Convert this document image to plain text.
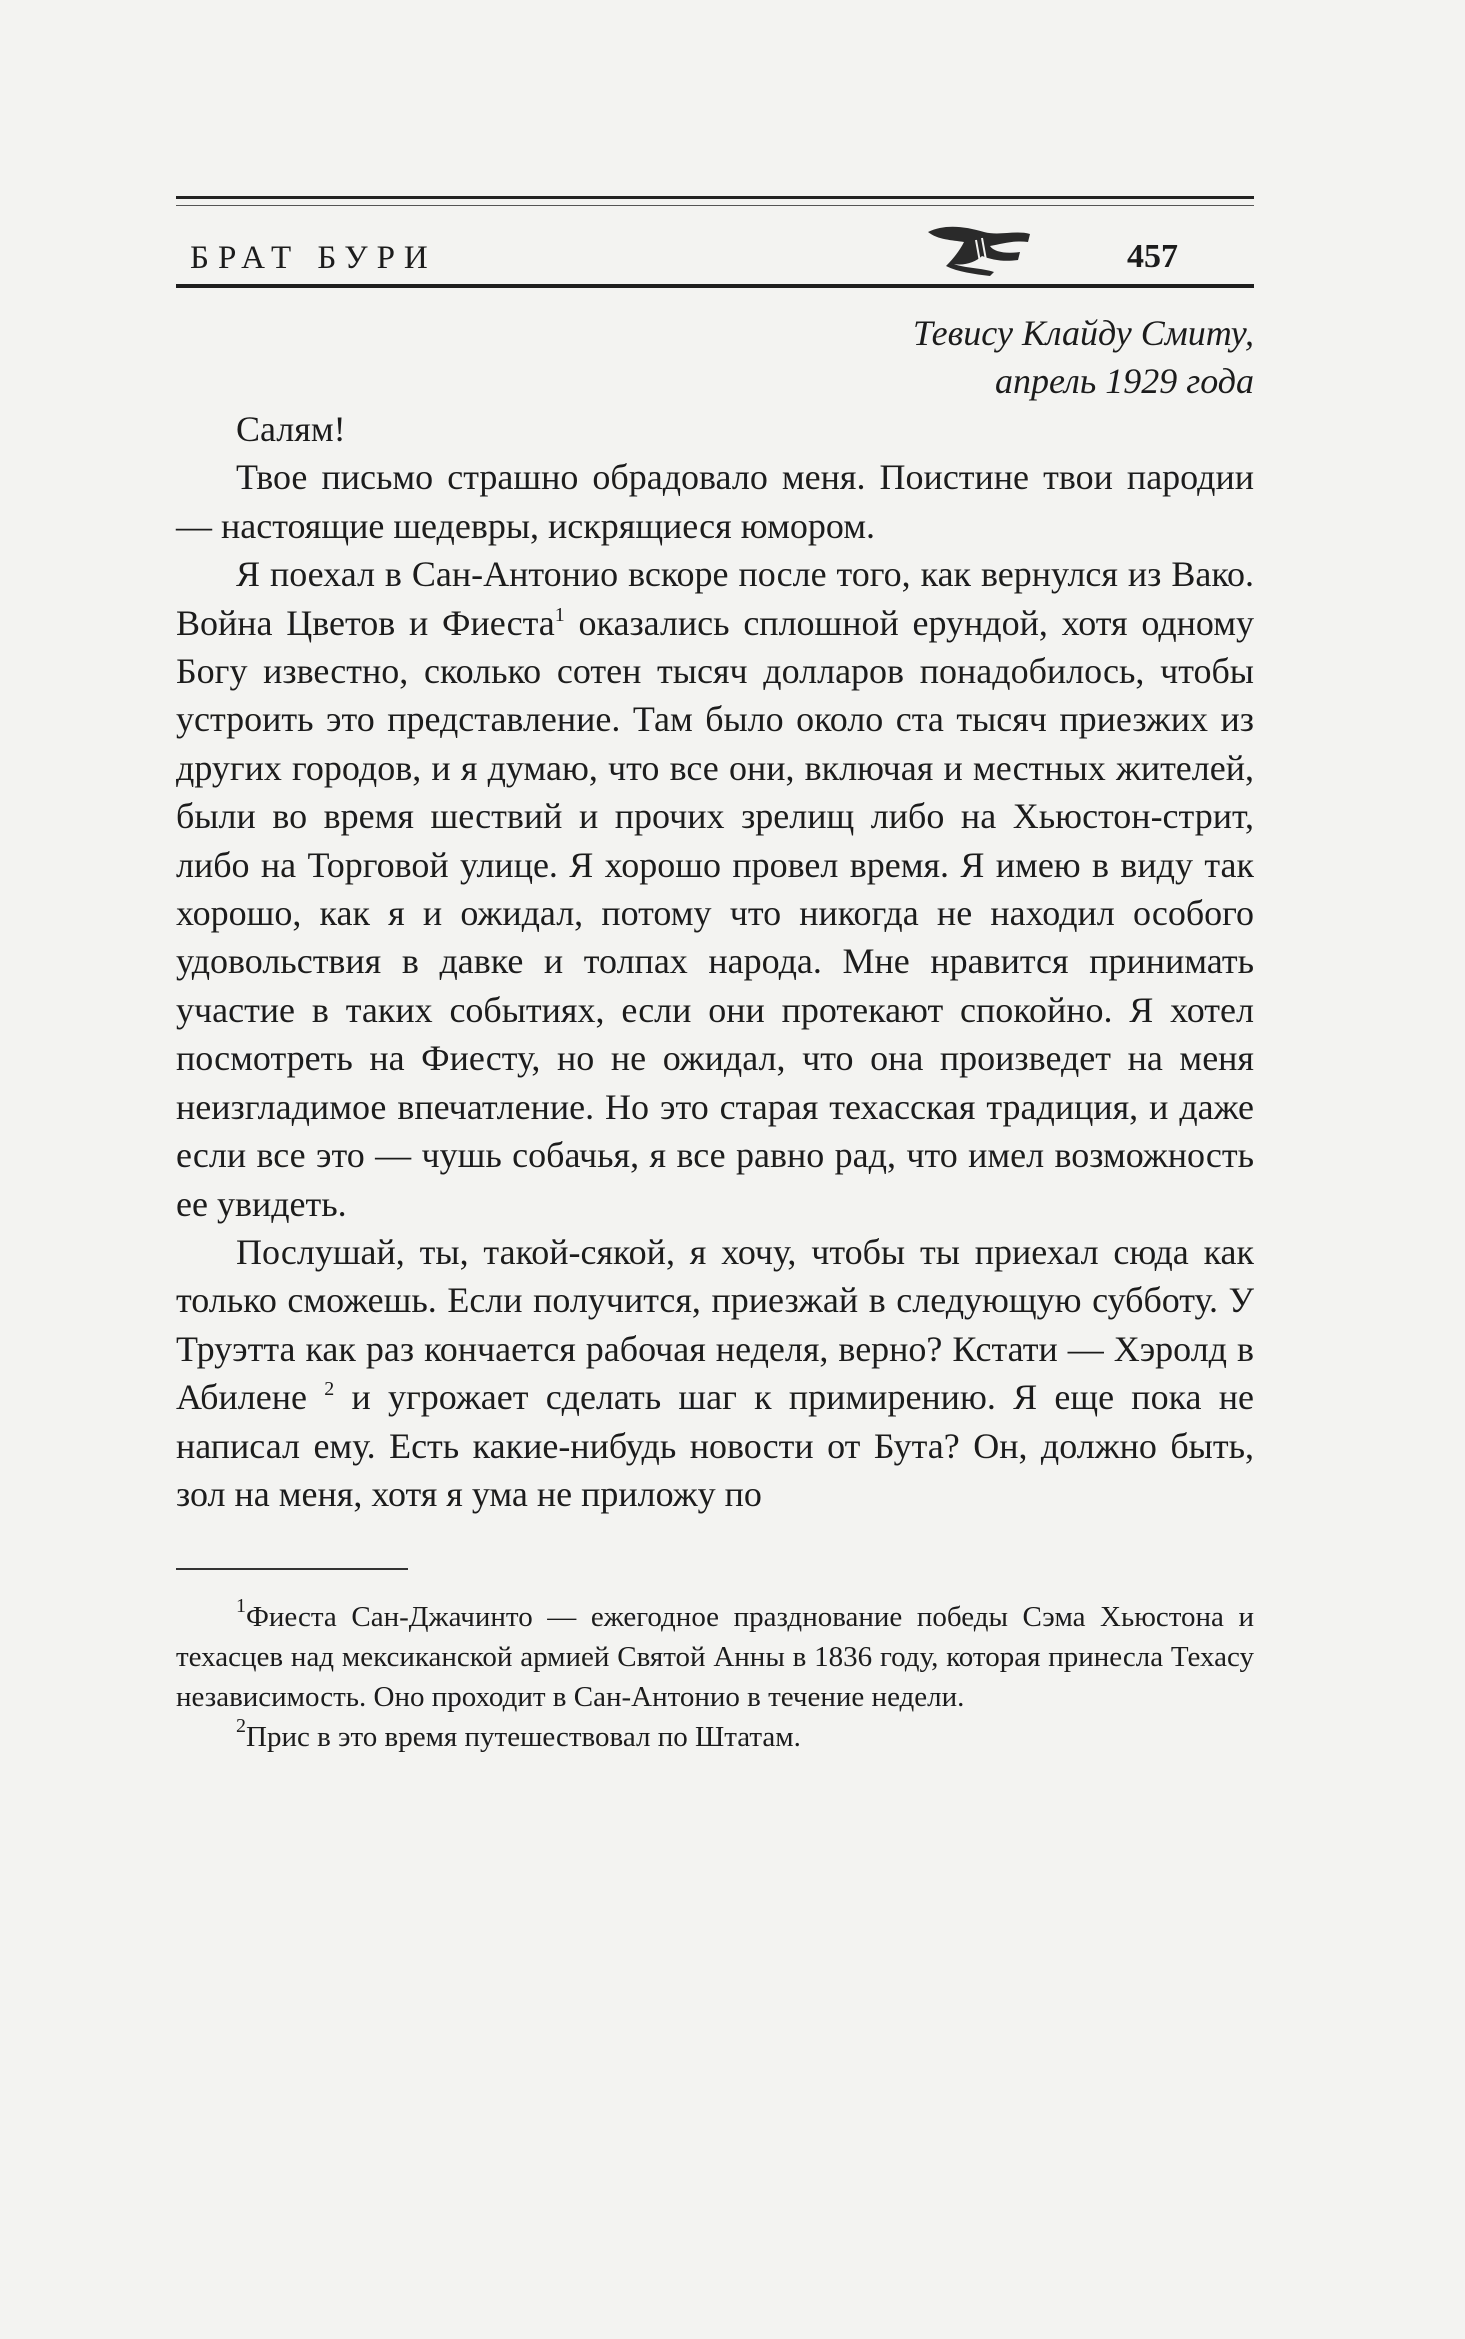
БРАТ БУРИ	457
Тевису Клайду Смиту,
апрель 1929 года

Салям!

Твое письмо страшно обрадовало меня. Поистине твои пародии — настоящие шедевры, искрящиеся юмором.

Я поехал в Сан-Антонио вскоре после того, как вернулся из Вако. Война Цветов и Фиеста$^1$ оказались сплошной ерундой, хотя одному Богу известно, сколько сотен тысяч долларов понадобилось, чтобы устроить это представление. Там было около ста тысяч приезжих из других городов, и я думаю, что все они, включая и местных жителей, были во время шествий и прочих зрелищ либо на Хьюстон-стрит, либо на Торговой улице. Я хорошо провел время. Я имею в виду так хорошо, как я и ожидал, потому что никогда не находил особого удовольствия в давке и толпах народа. Мне нравится принимать участие в таких событиях, если они протекают спокойно. Я хотел посмотреть на Фиесту, но не ожидал, что она произведет на меня неизгладимое впечатление. Но это старая техасская традиция, и даже если все это — чушь собачья, я все равно рад, что имел возможность ее увидеть.

Послушай, ты, такой-сякой, я хочу, чтобы ты приехал сюда как только сможешь. Если получится, приезжай в следующую субботу. У Труэтта как раз кончается рабочая неделя, верно? Кстати — Хэролд в Абилене $^2$ и угрожает сделать шаг к примирению. Я еще пока не написал ему. Есть какие-нибудь новости от Бута? Он, должно быть, зол на меня, хотя я ума не приложу по

$^1$Фиеста Сан-Джачинто — ежегодное празднование победы Сэма Хьюстона и техасцев над мексиканской армией Святой Анны в 1836 году, которая принесла Техасу независимость. Оно проходит в Сан-Антонио в течение недели.

$^2$Прис в это время путешествовал по Штатам.
